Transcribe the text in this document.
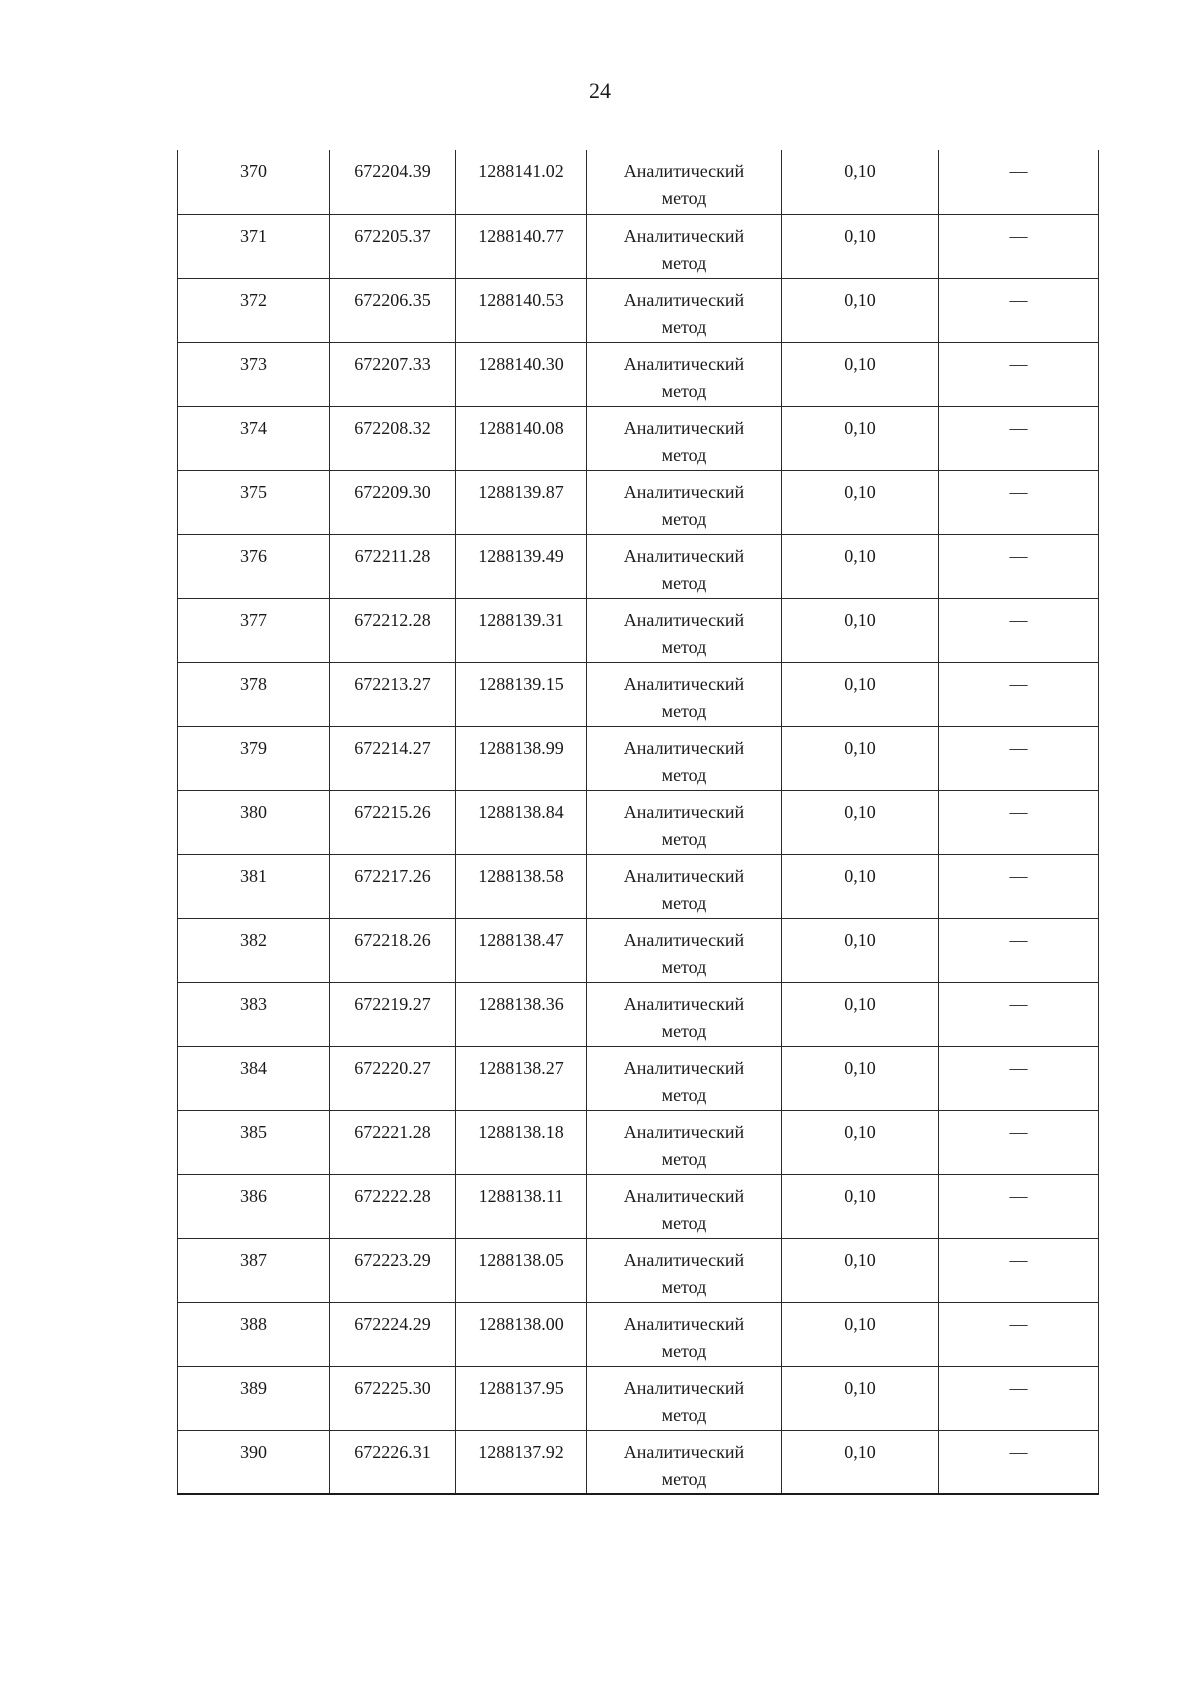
24
370	672204.39	1288141.02	Аналитический метод	0,10	—
371	672205.37	1288140.77	Аналитический метод	0,10	—
372	672206.35	1288140.53	Аналитический метод	0,10	—
373	672207.33	1288140.30	Аналитический метод	0,10	—
374	672208.32	1288140.08	Аналитический метод	0,10	—
375	672209.30	1288139.87	Аналитический метод	0,10	—
376	672211.28	1288139.49	Аналитический метод	0,10	—
377	672212.28	1288139.31	Аналитический метод	0,10	—
378	672213.27	1288139.15	Аналитический метод	0,10	—
379	672214.27	1288138.99	Аналитический метод	0,10	—
380	672215.26	1288138.84	Аналитический метод	0,10	—
381	672217.26	1288138.58	Аналитический метод	0,10	—
382	672218.26	1288138.47	Аналитический метод	0,10	—
383	672219.27	1288138.36	Аналитический метод	0,10	—
384	672220.27	1288138.27	Аналитический метод	0,10	—
385	672221.28	1288138.18	Аналитический метод	0,10	—
386	672222.28	1288138.11	Аналитический метод	0,10	—
387	672223.29	1288138.05	Аналитический метод	0,10	—
388	672224.29	1288138.00	Аналитический метод	0,10	—
389	672225.30	1288137.95	Аналитический метод	0,10	—
390	672226.31	1288137.92	Аналитический метод	0,10	—
